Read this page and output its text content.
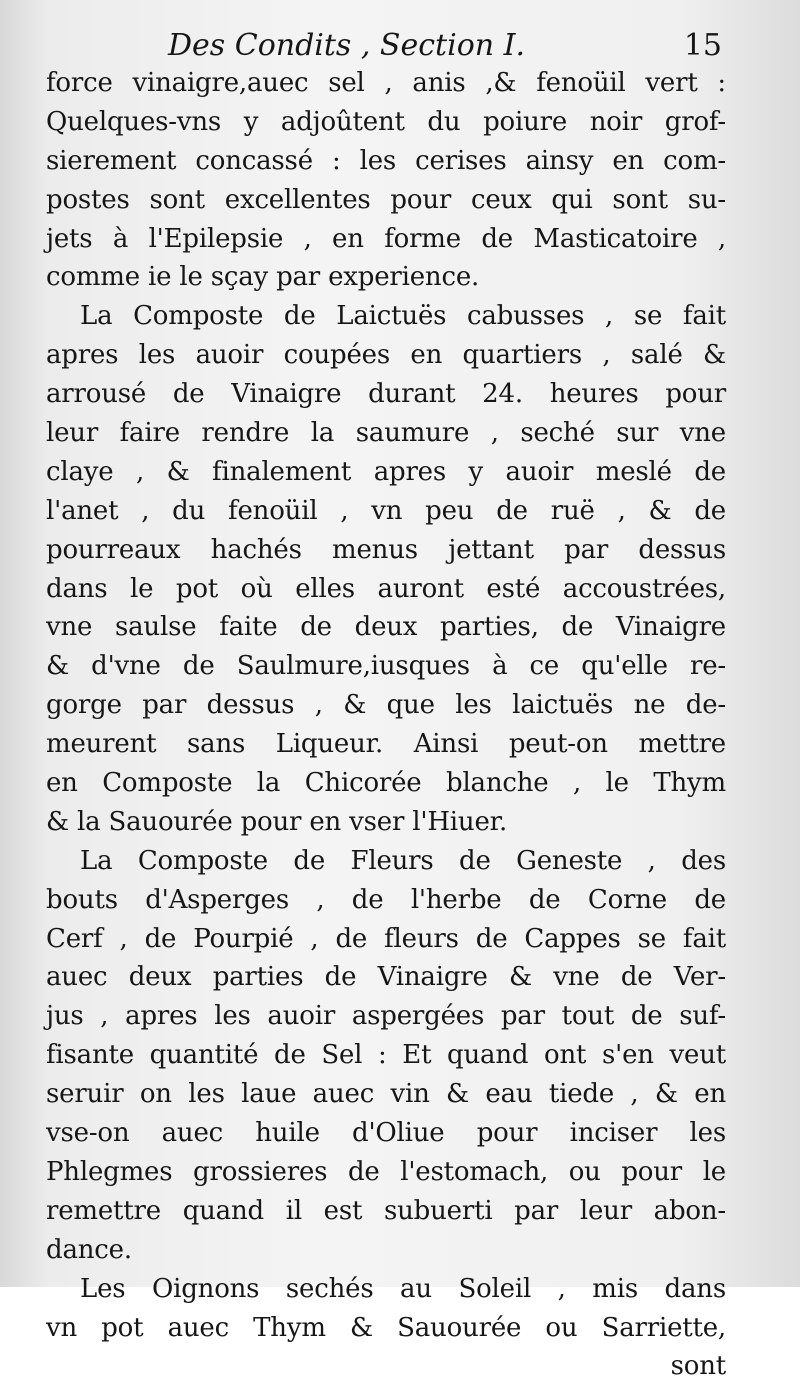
Des Condits , Section I.	15
force vinaigre,auec sel , anis ,& fenoüil vert :
Quelques-vns y adjoûtent du poiure noir grof-
sierement concassé : les cerises ainsy en com-
postes sont excellentes pour ceux qui sont su-
jets à l'Epilepsie , en forme de Masticatoire ,
comme ie le sçay par experience.
La Composte de Laictuës cabusses , se fait
apres les auoir coupées en quartiers , salé &
arrousé de Vinaigre durant 24. heures pour
leur faire rendre la saumure , seché sur vne
claye , & finalement apres y auoir meslé de
l'anet , du fenoüil , vn peu de ruë , & de
pourreaux hachés menus jettant par dessus
dans le pot où elles auront esté accoustrées,
vne saulse faite de deux parties, de Vinaigre
& d'vne de Saulmure,iusques à ce qu'elle re-
gorge par dessus , & que les laictuës ne de-
meurent sans Liqueur. Ainsi peut-on mettre
en Composte la Chicorée blanche , le Thym
& la Sauourée pour en vser l'Hiuer.
La Composte de Fleurs de Geneste , des
bouts d'Asperges , de l'herbe de Corne de
Cerf , de Pourpié , de fleurs de Cappes se fait
auec deux parties de Vinaigre & vne de Ver-
jus , apres les auoir aspergées par tout de suf-
fisante quantité de Sel : Et quand ont s'en veut
seruir on les laue auec vin & eau tiede , & en
vse-on auec huile d'Oliue pour inciser les
Phlegmes grossieres de l'estomach, ou pour le
remettre quand il est subuerti par leur abon-
dance.
Les Oignons sechés au Soleil , mis dans
vn pot auec Thym & Sauourée ou Sarriette,
sont
